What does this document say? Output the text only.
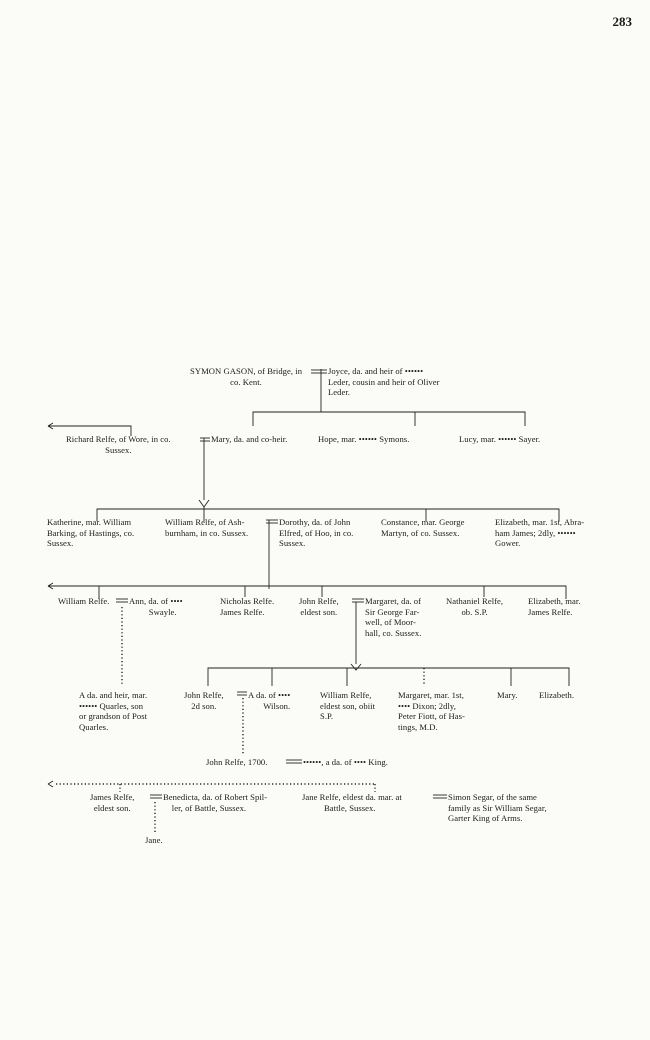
283
SYMON GASON, of Bridge, in
co. Kent.
Joyce, da. and heir of ••••••
Leder, cousin and heir of Oliver
Leder.
Richard Relfe, of Wore, in co.
Sussex.
Mary, da. and co-heir.	Hope, mar. •••••• Symons.	Lucy, mar. •••••• Sayer.
Katherine, mar. William
Barking, of Hastings, co.
Sussex.
William Relfe, of Ash-
burnham, in co. Sussex.
Dorothy, da. of John
Elfred, of Hoo, in co.
Sussex.
Constance, mar. George
Martyn, of co. Sussex.
Elizabeth, mar. 1st, Abra-
ham James; 2dly, ••••••
Gower.
William Relfe. Ann, da. of ••••
Swayle.
Nicholas Relfe.
James Relfe.
John Relfe,
eldest son.
Margaret, da. of
Sir George Far-
well, of Moor-
hall, co. Sussex.
Nathaniel Relfe,
ob. S.P.
Elizabeth, mar.
James Relfe.
A da. and heir, mar.
•••••• Quarles, son
or grandson of Post
Quarles.
John Relfe,
2d son.
A da. of ••••
Wilson.
William Relfe,
eldest son, obiit
S.P.
Margaret, mar. 1st,
•••• Dixon; 2dly,
Peter Fiott, of Has-
tings, M.D.
Mary.	Elizabeth.
John Relfe, 1700.	••••••, a da. of •••• King.
James Relfe,
eldest son.
Benedicta, da. of Robert Spil-
ler, of Battle, Sussex.
Jane Relfe, eldest da. mar. at
Battle, Sussex.
Simon Segar, of the same
family as Sir William Segar,
Garter King of Arms.
Jane.
